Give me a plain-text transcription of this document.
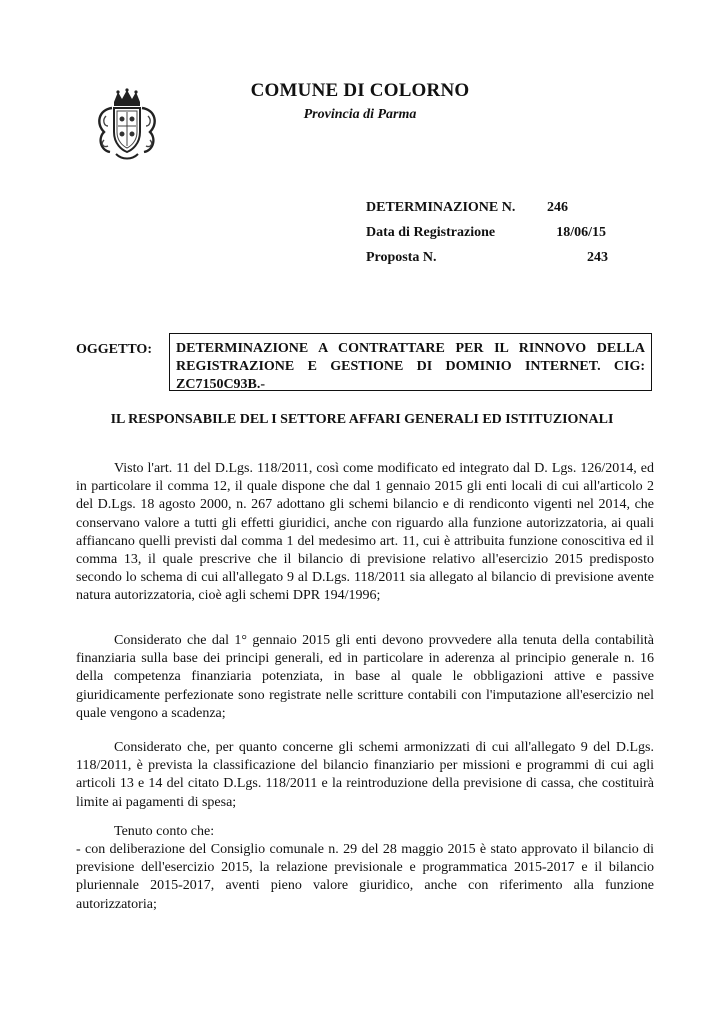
COMUNE DI COLORNO
Provincia di Parma
DETERMINAZIONE N.	246
Data di Registrazione	18/06/15
Proposta N.	243
OGGETTO:	DETERMINAZIONE A CONTRATTARE PER IL RINNOVO DELLA REGISTRAZIONE E GESTIONE DI DOMINIO INTERNET. CIG: ZC7150C93B.-
IL RESPONSABILE DEL I SETTORE AFFARI GENERALI ED ISTITUZIONALI

Visto l'art. 11 del D.Lgs. 118/2011, così come modificato ed integrato dal D. Lgs. 126/2014, ed in particolare il comma 12, il quale dispone che dal 1 gennaio 2015 gli enti locali di cui all'articolo 2 del D.Lgs. 18 agosto 2000, n. 267 adottano gli schemi bilancio e di rendiconto vigenti nel 2014, che conservano valore a tutti gli effetti giuridici, anche con riguardo alla funzione autorizzatoria, ai quali affiancano quelli previsti dal comma 1 del medesimo art. 11, cui è attribuita funzione conoscitiva ed il comma 13, il quale prescrive che il bilancio di previsione relativo all'esercizio 2015 predisposto secondo lo schema di cui all'allegato 9 al D.Lgs. 118/2011 sia allegato al bilancio di previsione avente natura autorizzatoria, cioè agli schemi DPR 194/1996;

Considerato che dal 1° gennaio 2015 gli enti devono provvedere alla tenuta della contabilità finanziaria sulla base dei principi generali, ed in particolare in aderenza al principio generale n. 16 della competenza finanziaria potenziata, in base al quale le obbligazioni attive e passive giuridicamente perfezionate sono registrate nelle scritture contabili con l'imputazione all'esercizio nel quale vengono a scadenza;

Considerato che, per quanto concerne gli schemi armonizzati di cui all'allegato 9 del D.Lgs. 118/2011, è prevista la classificazione del bilancio finanziario per missioni e programmi di cui agli articoli 13 e 14 del citato D.Lgs. 118/2011 e la reintroduzione della previsione di cassa, che costituirà limite ai pagamenti di spesa;

Tenuto conto che:

- con deliberazione del Consiglio comunale n. 29 del 28 maggio 2015 è stato approvato il bilancio di previsione dell'esercizio 2015, la relazione previsionale e programmatica 2015-2017 e il bilancio pluriennale 2015-2017, aventi pieno valore giuridico, anche con riferimento alla funzione autorizzatoria;
